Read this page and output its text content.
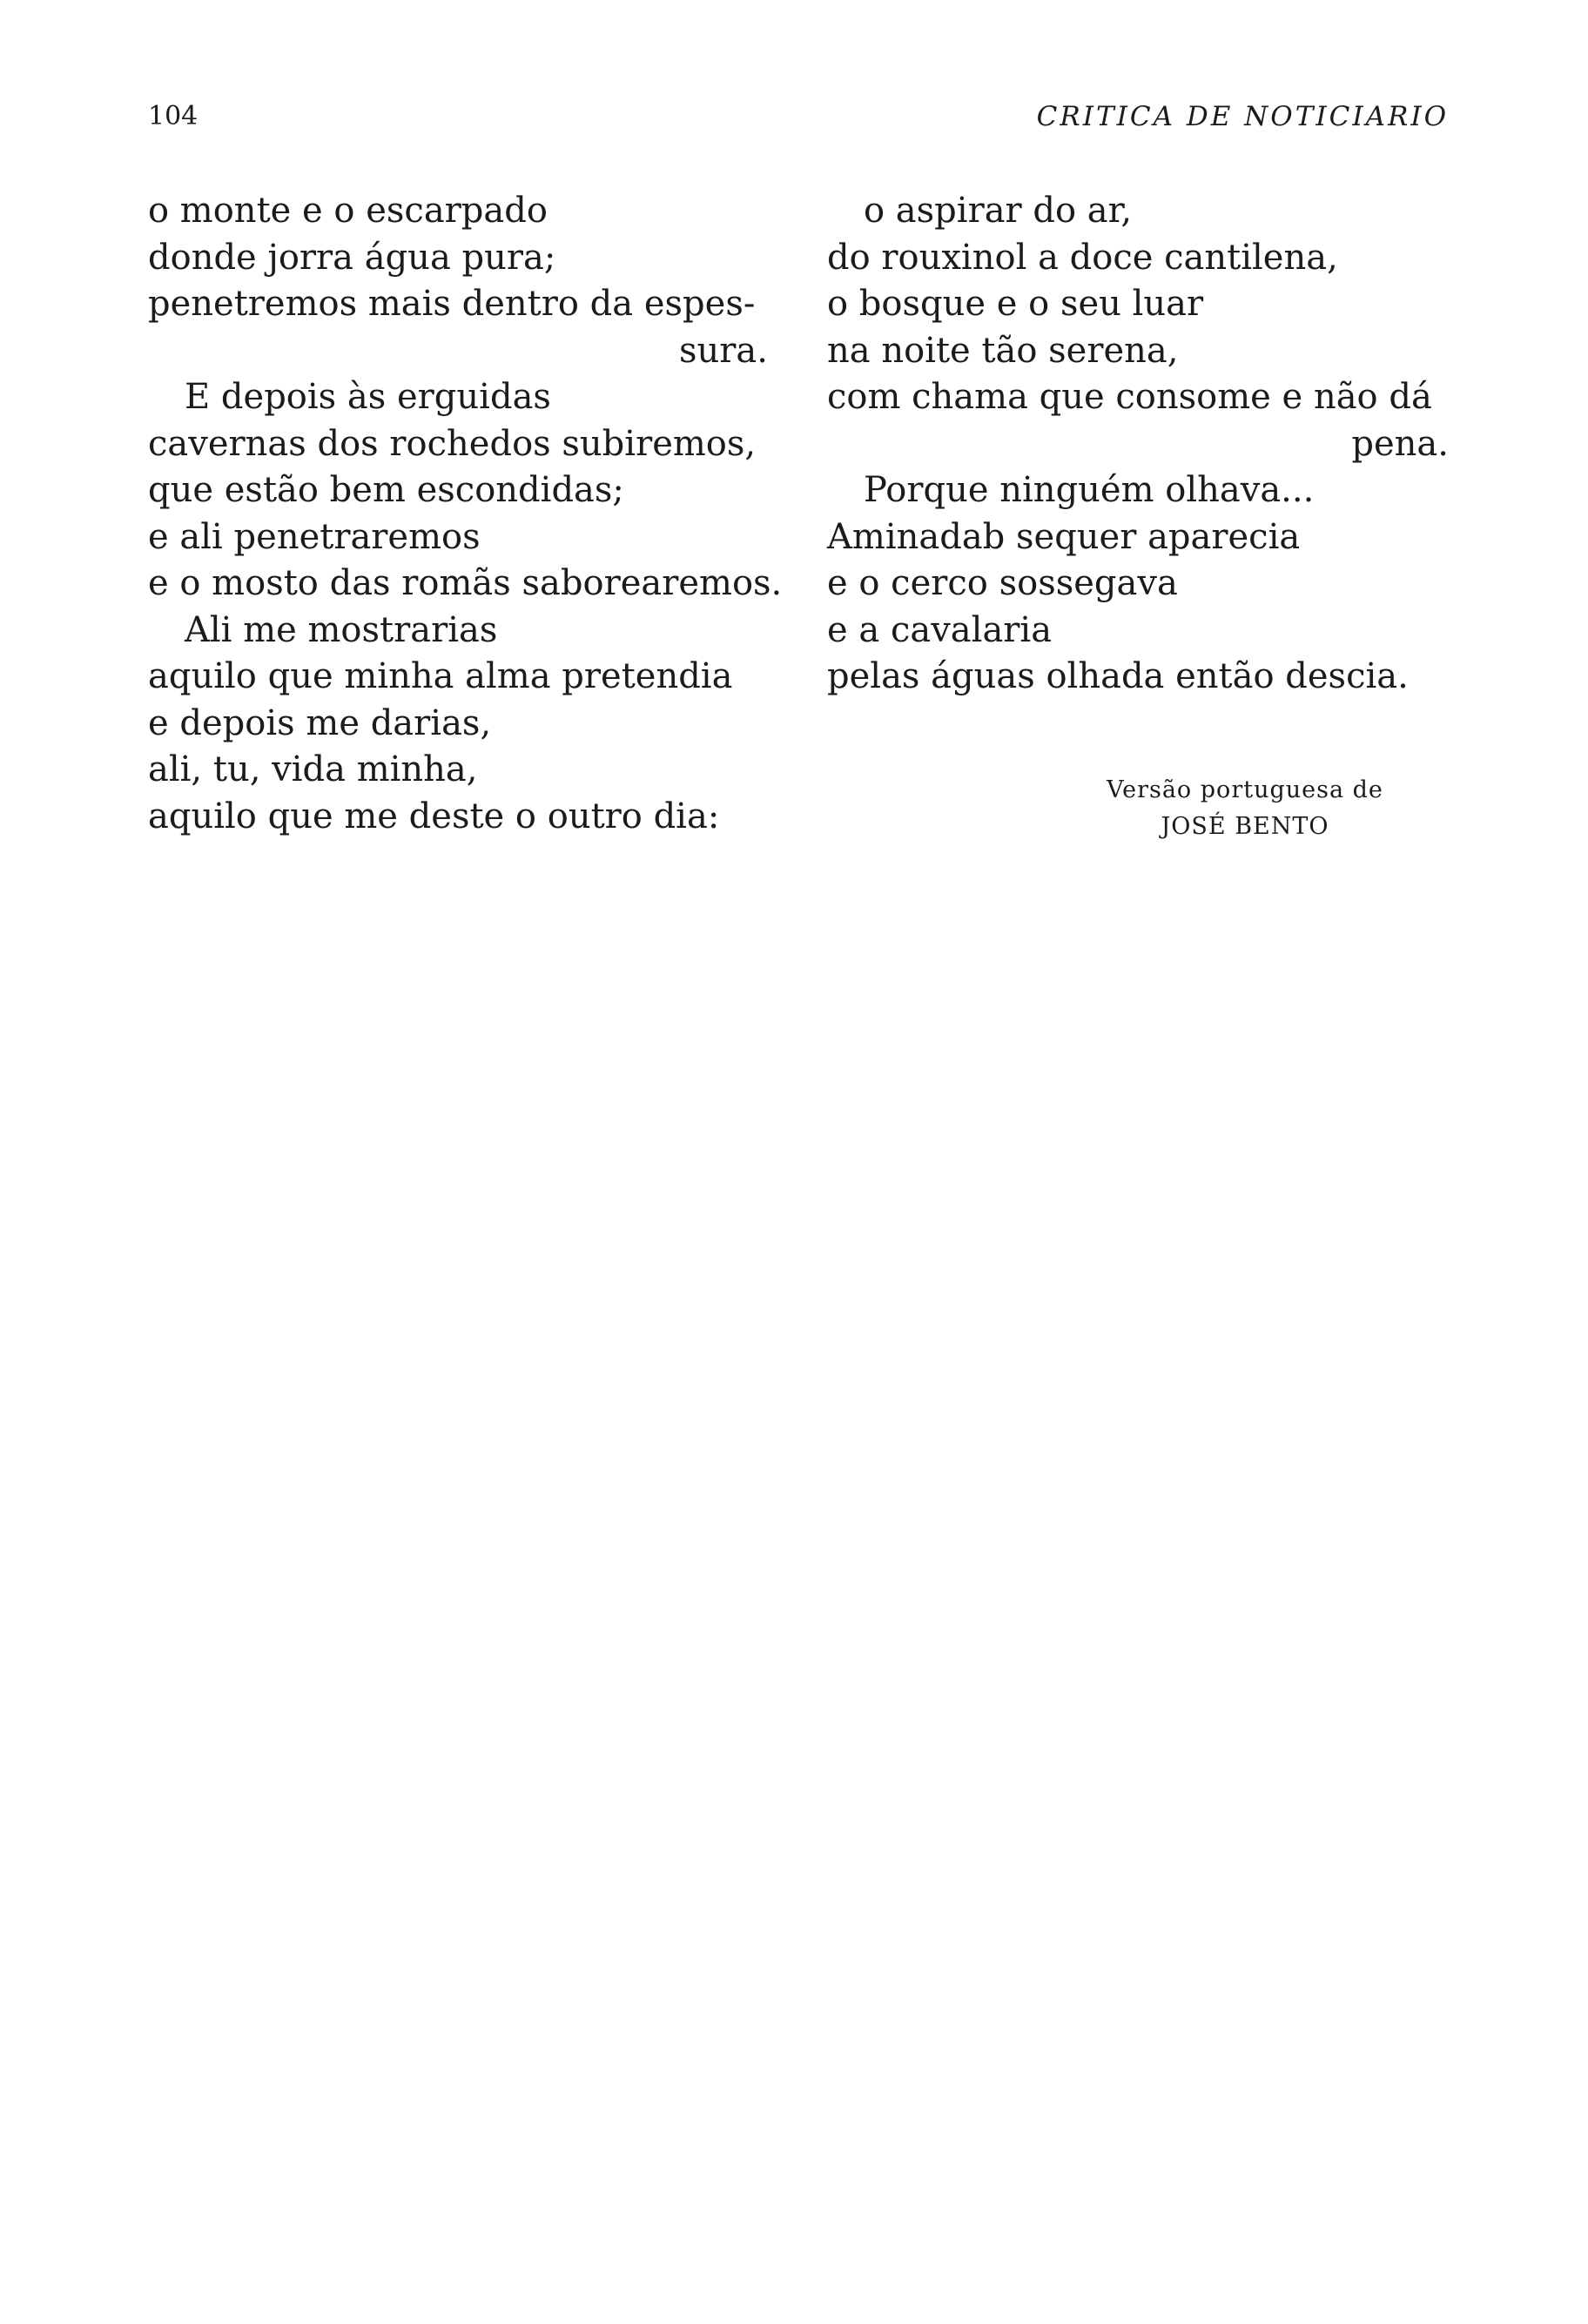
104	CRITICA DE NOTICIARIO
o monte e o escarpado
donde jorra água pura;
penetremos mais dentro da espes-
sura.
E depois às erguidas
cavernas dos rochedos subiremos,
que estão bem escondidas;
e ali penetraremos
e o mosto das romãs saborearemos.
Ali me mostrarias
aquilo que minha alma pretendia
e depois me darias,
ali, tu, vida minha,
aquilo que me deste o outro dia:
o aspirar do ar,
do rouxinol a doce cantilena,
o bosque e o seu luar
na noite tão serena,
com chama que consome e não dá
pena.
Porque ninguém olhava...
Aminadab sequer aparecia
e o cerco sossegava
e a cavalaria
pelas águas olhada então descia.
Versão portuguesa de
JOSÉ BENTO
